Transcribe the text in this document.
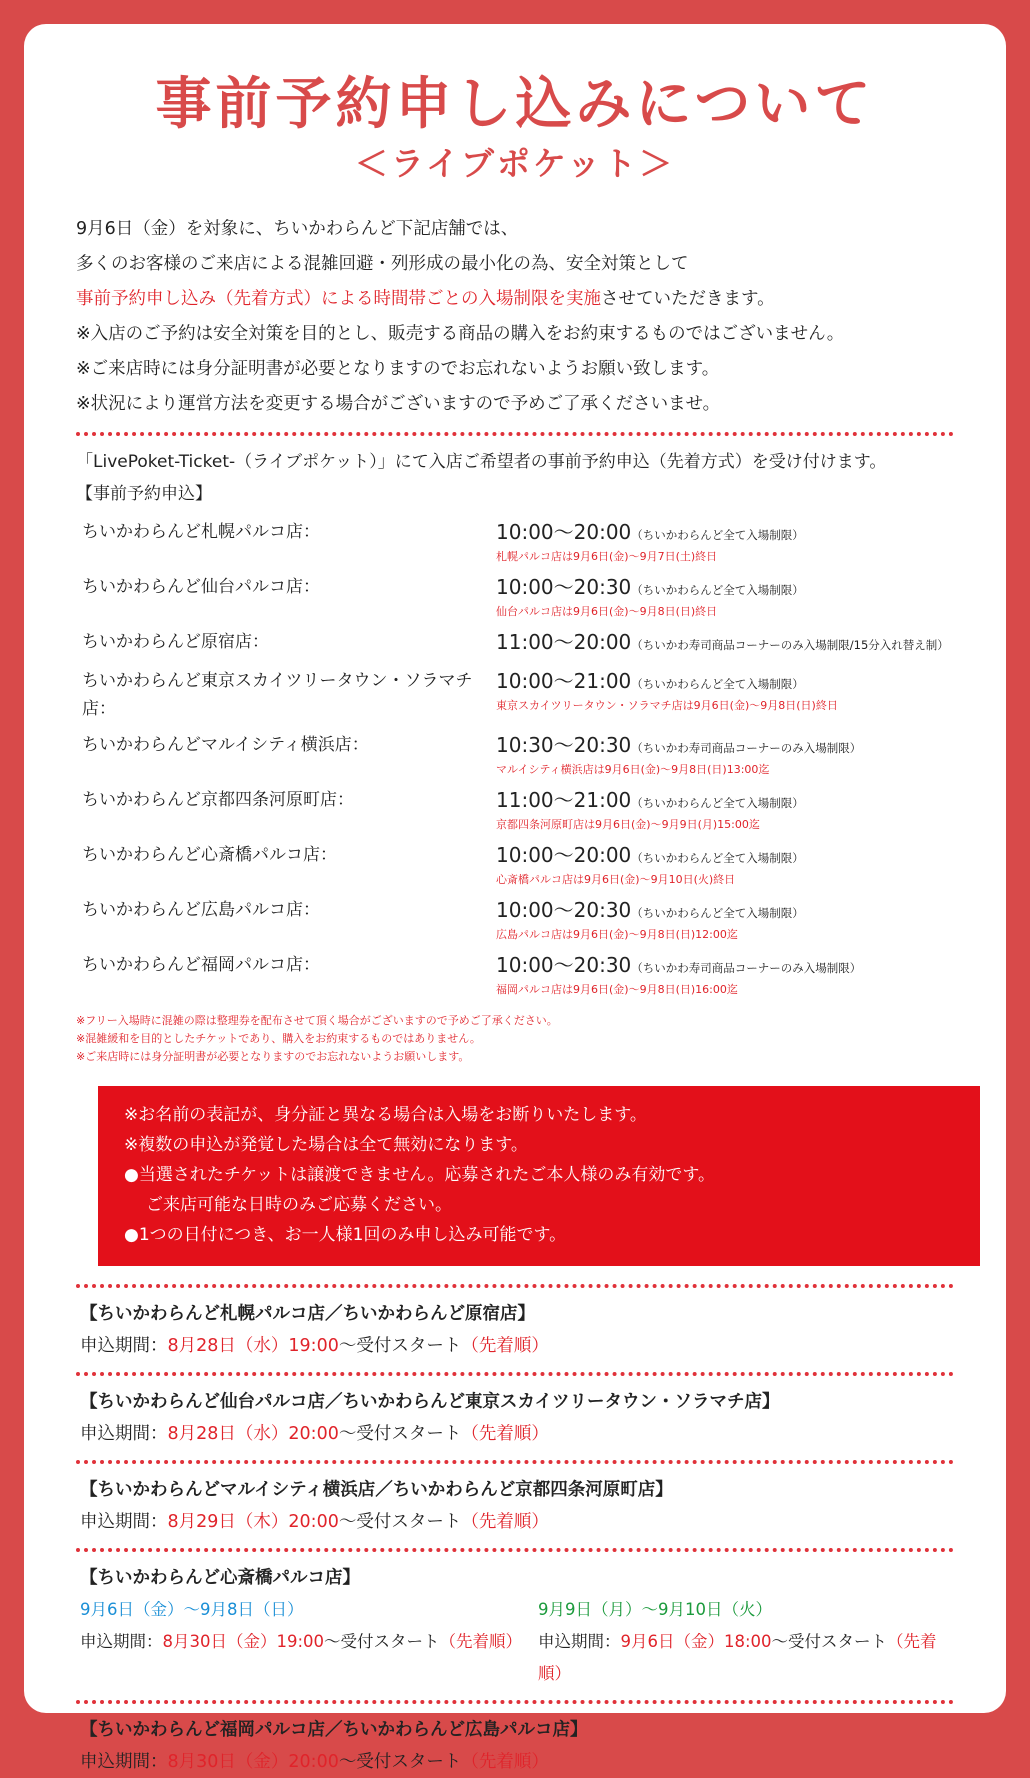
事前予約申し込みについて
＜ライブポケット＞
9月6日（金）を対象に、ちいかわらんど下記店舗では、
多くのお客様のご来店による混雑回避・列形成の最小化の為、安全対策として
事前予約申し込み（先着方式）による時間帯ごとの入場制限を実施させていただきます。
※入店のご予約は安全対策を目的とし、販売する商品の購入をお約束するものではございません。
※ご来店時には身分証明書が必要となりますのでお忘れないようお願い致します。
※状況により運営方法を変更する場合がございますので予めご了承くださいませ。
「LivePoket-Ticket-（ライブポケット）」にて入店ご希望者の事前予約申込（先着方式）を受け付けます。
【事前予約申込】
ちいかわらんど札幌パルコ店：	10:00～20:00（ちいかわらんど全て入場制限）
札幌パルコ店は9月6日(金)～9月7日(土)終日
ちいかわらんど仙台パルコ店：	10:00～20:30（ちいかわらんど全て入場制限）
仙台パルコ店は9月6日(金)～9月8日(日)終日
ちいかわらんど原宿店：	11:00～20:00（ちいかわ寿司商品コーナーのみ入場制限/15分入れ替え制）
ちいかわらんど東京スカイツリータウン・ソラマチ店：
10:00～21:00（ちいかわらんど全て入場制限）
東京スカイツリータウン・ソラマチ店は9月6日(金)～9月8日(日)終日
ちいかわらんどマルイシティ横浜店：	10:30～20:30（ちいかわ寿司商品コーナーのみ入場制限）
マルイシティ横浜店は9月6日(金)～9月8日(日)13:00迄
ちいかわらんど京都四条河原町店：	11:00～21:00（ちいかわらんど全て入場制限）
京都四条河原町店は9月6日(金)～9月9日(月)15:00迄
ちいかわらんど心斎橋パルコ店：	10:00～20:00（ちいかわらんど全て入場制限）
心斎橋パルコ店は9月6日(金)～9月10日(火)終日
ちいかわらんど広島パルコ店：	10:00～20:30（ちいかわらんど全て入場制限）
広島パルコ店は9月6日(金)～9月8日(日)12:00迄
ちいかわらんど福岡パルコ店：	10:00～20:30（ちいかわ寿司商品コーナーのみ入場制限）
福岡パルコ店は9月6日(金)～9月8日(日)16:00迄
※フリー入場時に混雑の際は整理券を配布させて頂く場合がございますので予めご了承ください。
※混雑緩和を目的としたチケットであり、購入をお約束するものではありません。
※ご来店時には身分証明書が必要となりますのでお忘れないようお願いします。
※お名前の表記が、身分証と異なる場合は入場をお断りいたします。
※複数の申込が発覚した場合は全て無効になります。
●当選されたチケットは譲渡できません。応募されたご本人様のみ有効です。
ご来店可能な日時のみご応募ください。
●1つの日付につき、お一人様1回のみ申し込み可能です。
【ちいかわらんど札幌パルコ店／ちいかわらんど原宿店】
申込期間：8月28日（水）19:00～受付スタート（先着順）
【ちいかわらんど仙台パルコ店／ちいかわらんど東京スカイツリータウン・ソラマチ店】
申込期間：8月28日（水）20:00～受付スタート（先着順）
【ちいかわらんどマルイシティ横浜店／ちいかわらんど京都四条河原町店】
申込期間：8月29日（木）20:00～受付スタート（先着順）
【ちいかわらんど心斎橋パルコ店】
9月6日（金）～9月8日（日）
申込期間：8月30日（金）19:00～受付スタート（先着順）
9月9日（月）～9月10日（火）
申込期間：9月6日（金）18:00～受付スタート（先着順）
【ちいかわらんど福岡パルコ店／ちいかわらんど広島パルコ店】
申込期間：8月30日（金）20:00～受付スタート（先着順）
